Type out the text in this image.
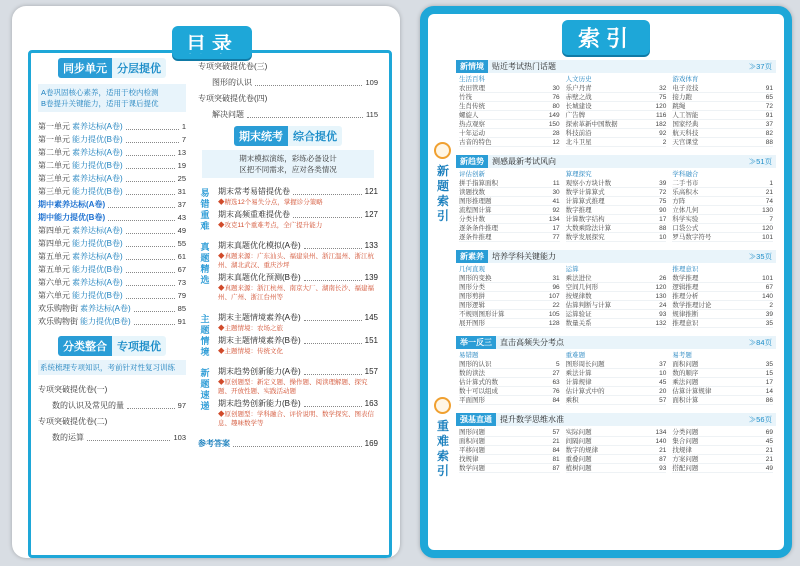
目录
同步单元 分层提优
A卷巩固核心素养，适用于校内检测
B卷提升关键能力，适用于课后提优
第一单元 素养达标(A卷)	1
第一单元 能力提优(B卷)	7
第二单元 素养达标(A卷)	13
第二单元 能力提优(B卷)	19
第三单元 素养达标(A卷)	25
第三单元 能力提优(B卷)	31
期中素养达标(A卷)	37
期中能力提优(B卷)	43
第四单元 素养达标(A卷)	49
第四单元 能力提优(B卷)	55
第五单元 素养达标(A卷)	61
第五单元 能力提优(B卷)	67
第六单元 素养达标(A卷)	73
第六单元 能力提优(B卷)	79
欢乐购物街 素养达标(A卷)	85
欢乐购物街 能力提优(B卷)	91
分类整合 专项提优
系统梳理专项知识，考前针对性复习训练
专项突破提优卷(一)
数的认识及常见的量	97
专项突破提优卷(二)
数的运算	103
专项突破提优卷(三)
图形的认识	109
专项突破提优卷(四)
解决问题	115
期末统考 综合提优
期末模拟演练，彩练必备设计
区把不同需求，应对各类情况
易
错
重
难
期末常考易错提优卷	121
◆精选12个易失分点，掌握诊分策略
期末高频重难提优卷	127
◆攻克11个重难考点，全广提升能力
真
题
精
选
期末真题优化模拟(A卷)	133
◆真题来源：广东汕头、福建泉州、浙江温州、浙江杭州、湖北武汉、重庆沙坪
期末真题优化预测(B卷)	139
◆真题来源：浙江杭州、南京大厂、湖南长沙、福建福州、广州、浙江台州等
主
题
情
境
期末主题情境素养(A卷)	145
◆主题情境：农场之旅
期末主题情境素养(B卷)	151
◆主题情境：传统文化
新
题
速
递
期末趋势创新能力(A卷)	157
◆原创题型：新定义题、操作题、阅读理解题、探究题、开放性题、实践活动题
期末趋势创新能力(B卷)	163
◆原创题型：学科融合、评价说明、数学探究、图表信息、趣味数学等
参考答案	169
索引
新情境	贴近考试热门话题	≫37页
生活百科
农田管理	30
竹筏	76
生肖传统	80
螺旋人	149
热点观察	150
十年运动	28
古音的特色	12
人文历史
乐户丹青	32
赤壁之战	75
长城建设	120
广告牌	116
探索革新中国数据	182
科技前沿	92
北斗卫星	2
游戏体育
电子竞技	91
接力跑	65
跳绳	72
人工智能	91
国家经典	37
航天科技	82
天宫课堂	88
新趋势	测感最新考试风向	≫51页
评估创新
拼手指算面积	11
读题找数	30
图形推理题	41
流程图计算	92
分类计数	134
逐条条件推理	17
逐条件推理	77
算理探究
观察小方块计数	39
数学计算算式	72
计算算式推理	75
数字推理	90
计算数字结构	17
大数乘除法计算	88
数学发展探究	10
学科融合
二手书市	1
乐高积木	21
方阵	74
立体几何	130
科学实验	7
口袋公式	120
罗马数字符号	101
新素养	培养学科关键能力	≫35页
几何直观
图形的变换	31
图形分类	96
图形剪拼	107
图形逻辑	22
不规则图形计算	105
展开图形	128
运算
乘法进位	26
空间几何形	120
按规律数	130
估算判断与计算	24
运算验证	93
数量关系	132
推理意识
数学推理	101
逻辑推理	67
推理分析	140
数学推理讨论	2
规律推断	39
推理意识	35
举一反三	直击高频失分考点	≫84页
易错题
图形的认识	5
数的读法	27
估计算式的数	63
数十可以组成	76
平面图形	84
重难题
图形周长问题	37
乘法计算	10
计算规律	45
估计算式中的	20
乘积	57
易考题
面积问题	35
数的顺序	15
乘法问题	17
估算计算规律	14
面积计算	86
强基直通	提升数学思维水准	≫56页
图形问题	57
面积问题	21
平移问题	84
找规律	81
数学问题	87
实际问题	134
间隔问题	140
数字的规律	21
重叠问题	87
植树问题	93
分类问题	69
集合问题	45
找规律	21
方案问题	21
搭配问题	49
新
题
索
引
重
难
索
引
